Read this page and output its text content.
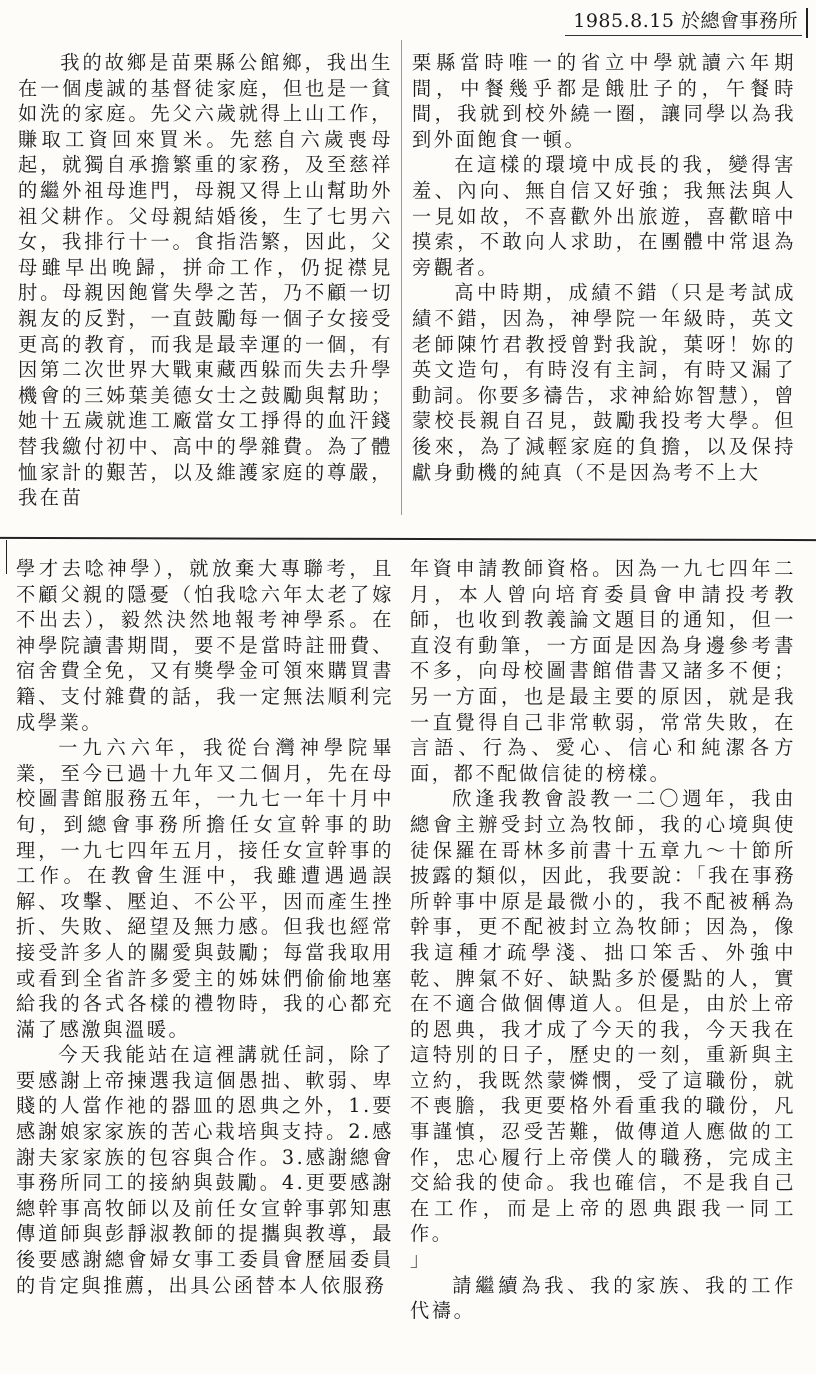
1985.8.15 於總會事務所

我的故鄉是苗栗縣公館鄉，我出生在一個虔誠的基督徒家庭，但也是一貧如洗的家庭。先父六歲就得上山工作，賺取工資回來買米。先慈自六歲喪母起，就獨自承擔繁重的家務，及至慈祥的繼外祖母進門，母親又得上山幫助外祖父耕作。父母親結婚後，生了七男六女，我排行十一。食指浩繁，因此，父母雖早出晚歸，拼命工作，仍捉襟見肘。母親因飽嘗失學之苦，乃不顧一切親友的反對，一直鼓勵每一個子女接受更高的教育，而我是最幸運的一個，有因第二次世界大戰東藏西躲而失去升學機會的三姊葉美德女士之鼓勵與幫助；她十五歲就進工廠當女工掙得的血汗錢替我繳付初中、高中的學雜費。為了體恤家計的艱苦，以及維護家庭的尊嚴，我在苗

栗縣當時唯一的省立中學就讀六年期間，中餐幾乎都是餓肚子的，午餐時間，我就到校外繞一圈，讓同學以為我到外面飽食一頓。

在這樣的環境中成長的我，變得害羞、內向、無自信又好強；我無法與人一見如故，不喜歡外出旅遊，喜歡暗中摸索，不敢向人求助，在團體中常退為旁觀者。

高中時期，成績不錯（只是考試成績不錯，因為，神學院一年級時，英文老師陳竹君教授曾對我說，葉呀！妳的英文造句，有時沒有主詞，有時又漏了動詞。你要多禱告，求神給妳智慧），曾蒙校長親自召見，鼓勵我投考大學。但後來，為了減輕家庭的負擔，以及保持獻身動機的純真（不是因為考不上大

學才去唸神學），就放棄大專聯考，且不顧父親的隱憂（怕我唸六年太老了嫁不出去），毅然決然地報考神學系。在神學院讀書期間，要不是當時註冊費、宿舍費全免，又有獎學金可領來購買書籍、支付雜費的話，我一定無法順利完成學業。

一九六六年，我從台灣神學院畢業，至今已過十九年又二個月，先在母校圖書館服務五年，一九七一年十月中旬，到總會事務所擔任女宣幹事的助理，一九七四年五月，接任女宣幹事的工作。在教會生涯中，我雖遭遇過誤解、攻擊、壓迫、不公平，因而產生挫折、失敗、絕望及無力感。但我也經常接受許多人的關愛與鼓勵；每當我取用或看到全省許多愛主的姊妹們偷偷地塞給我的各式各樣的禮物時，我的心都充滿了感激與溫暖。

今天我能站在這裡講就任詞，除了要感謝上帝揀選我這個愚拙、軟弱、卑賤的人當作祂的器皿的恩典之外，1.要感謝娘家家族的苦心栽培與支持。2.感謝夫家家族的包容與合作。3.感謝總會事務所同工的接納與鼓勵。4.更要感謝總幹事高牧師以及前任女宣幹事郭知惠傳道師與彭靜淑教師的提攜與教導，最後要感謝總會婦女事工委員會歷屆委員的肯定與推薦，出具公函替本人依服務

年資申請教師資格。因為一九七四年二月，本人曾向培育委員會申請投考教師，也收到教義論文題目的通知，但一直沒有動筆，一方面是因為身邊參考書不多，向母校圖書館借書又諸多不便；另一方面，也是最主要的原因，就是我一直覺得自己非常軟弱，常常失敗，在言語、行為、愛心、信心和純潔各方面，都不配做信徒的榜樣。

欣逢我教會設教一二〇週年，我由總會主辦受封立為牧師，我的心境與使徒保羅在哥林多前書十五章九～十節所披露的類似，因此，我要說：「我在事務所幹事中原是最微小的，我不配被稱為幹事，更不配被封立為牧師；因為，像我這種才疏學淺、拙口笨舌、外強中乾、脾氣不好、缺點多於優點的人，實在不適合做個傳道人。但是，由於上帝的恩典，我才成了今天的我，今天我在這特別的日子，歷史的一刻，重新與主立約，我既然蒙憐憫，受了這職份，就不喪膽，我更要格外看重我的職份，凡事謹慎，忍受苦難，做傳道人應做的工作，忠心履行上帝僕人的職務，完成主交給我的使命。我也確信，不是我自己在工作，而是上帝的恩典跟我一同工作。

」

請繼續為我、我的家族、我的工作代禱。
